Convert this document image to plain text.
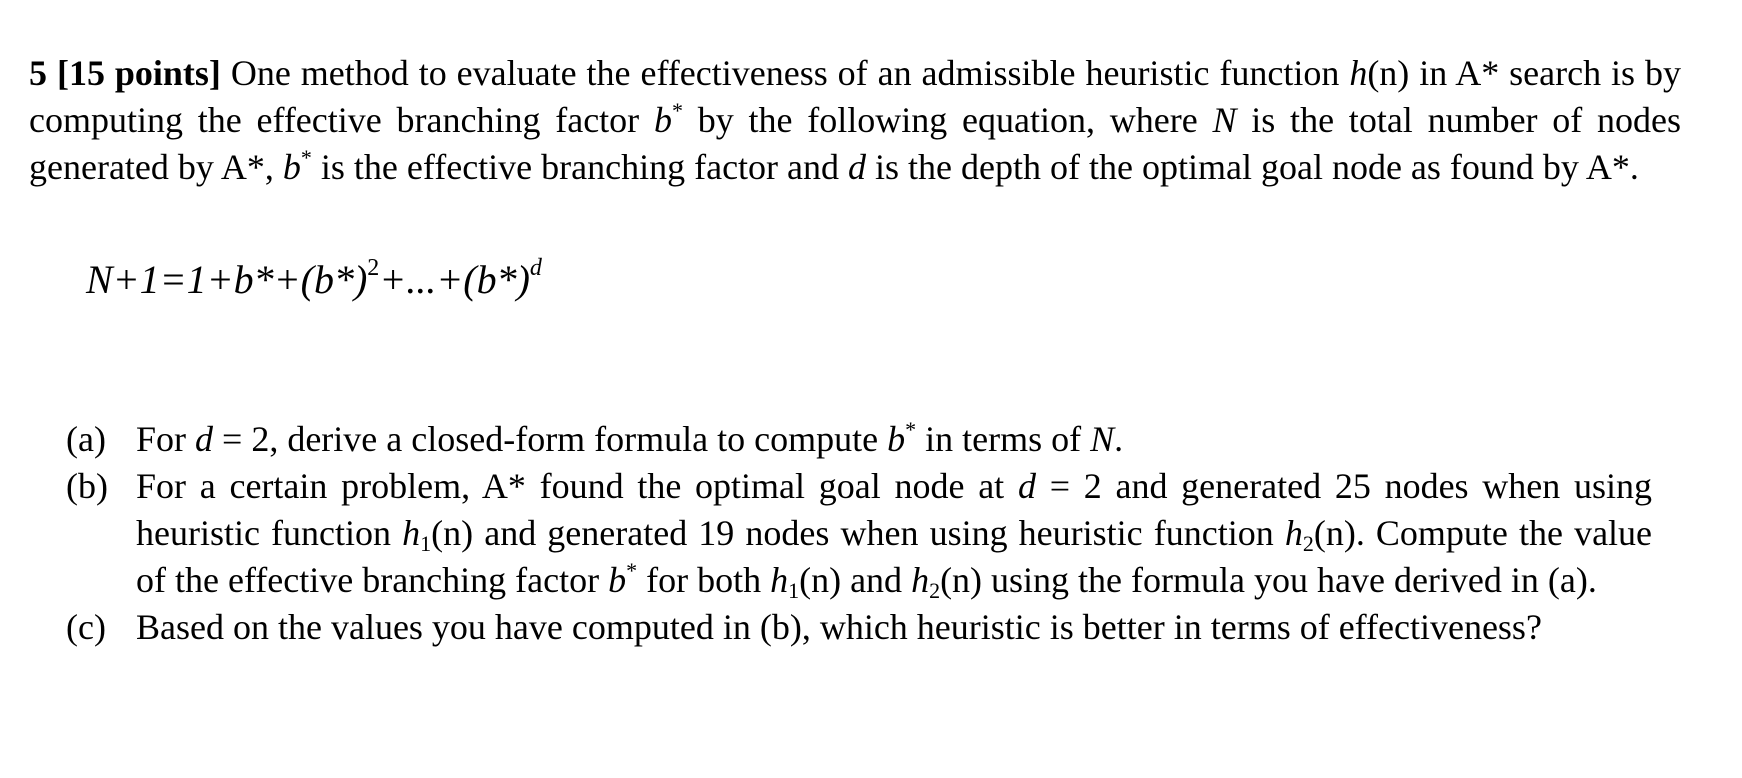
5 [15 points] One method to evaluate the effectiveness of an admissible heuristic function h(n) in A* search is by computing the effective branching factor b* by the following equation, where N is the total number of nodes generated by A*, b* is the effective branching factor and d is the depth of the optimal goal node as found by A*.

$N+1=1+b*+(b*)^2+...+(b*)^d$
(a) For d = 2, derive a closed-form formula to compute b* in terms of N.
(b) For a certain problem, A* found the optimal goal node at d = 2 and generated 25 nodes when using heuristic function $h_1(n)$ and generated 19 nodes when using heuristic function $h_2(n)$. Compute the value of the effective branching factor b* for both $h_1(n)$ and $h_2(n)$ using the formula you have derived in (a).
(c) Based on the values you have computed in (b), which heuristic is better in terms of effectiveness?
